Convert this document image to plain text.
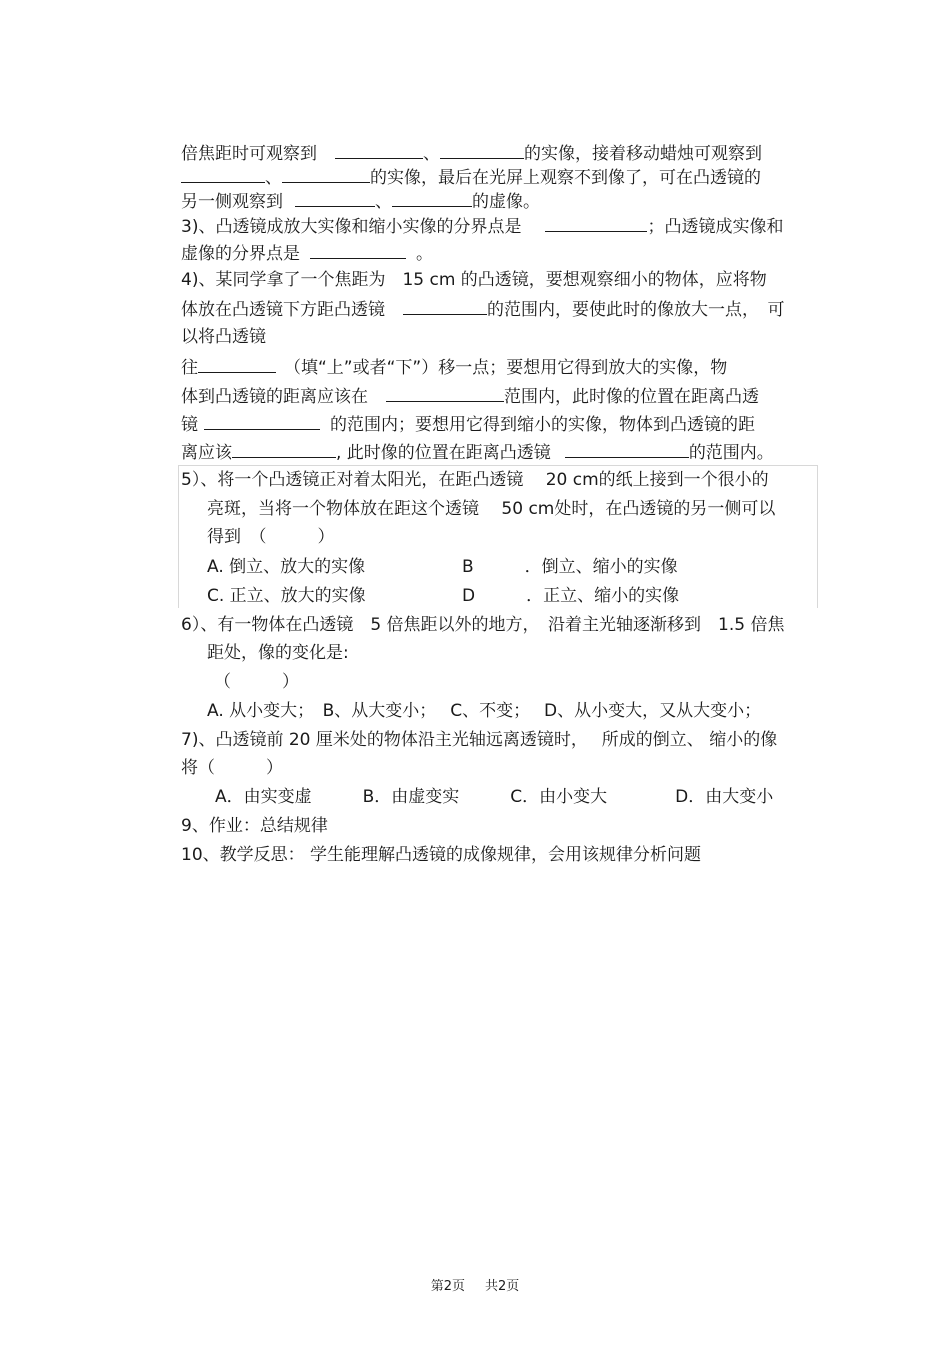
倍焦距时可观察到	、	的实像，接着移动蜡烛可观察到
、	的实像，最后在光屏上观察不到像了，可在凸透镜的
另一侧观察到	、	的虚像。
3)、凸透镜成放大实像和缩小实像的分界点是	；凸透镜成实像和
虚像的分界点是	。
4)、某同学拿了一个焦距为　15 cm 的凸透镜，要想观察细小的物体，应将物
体放在凸透镜下方距凸透镜	的范围内，要使此时的像放大一点，　可
以将凸透镜
往	（填“上”或者“下”）移一点；要想用它得到放大的实像，物
体到凸透镜的距离应该在	范围内，此时像的位置在距离凸透
镜	的范围内；要想用它得到缩小的实像，物体到凸透镜的距
离应该	, 此时像的位置在距离凸透镜	的范围内。
5）、将一个凸透镜正对着太阳光，在距凸透镜　 20 cm的纸上接到一个很小的
亮斑，当将一个物体放在距这个透镜　 50 cm处时，在凸透镜的另一侧可以
得到　（　　　）
A. 倒立、放大的实像	B　　　．倒立、缩小的实像
C. 正立、放大的实像	D　　　．正立、缩小的实像
6）、有一物体在凸透镜　5 倍焦距以外的地方，　沿着主光轴逐渐移到　1.5 倍焦
距处，像的变化是:
（　　　）
A. 从小变大；　B、从大变小；　 C、不变；　 D、从小变大，又从大变小；
7)、凸透镜前 20 厘米处的物体沿主光轴远离透镜时，　 所成的倒立、 缩小的像
将（　　　）
A．由实变虚　　　B．由虚变实　　　C．由小变大　　　　D．由大变小
9、作业：总结规律
10、教学反思： 学生能理解凸透镜的成像规律，会用该规律分析问题
第2页 共2页
